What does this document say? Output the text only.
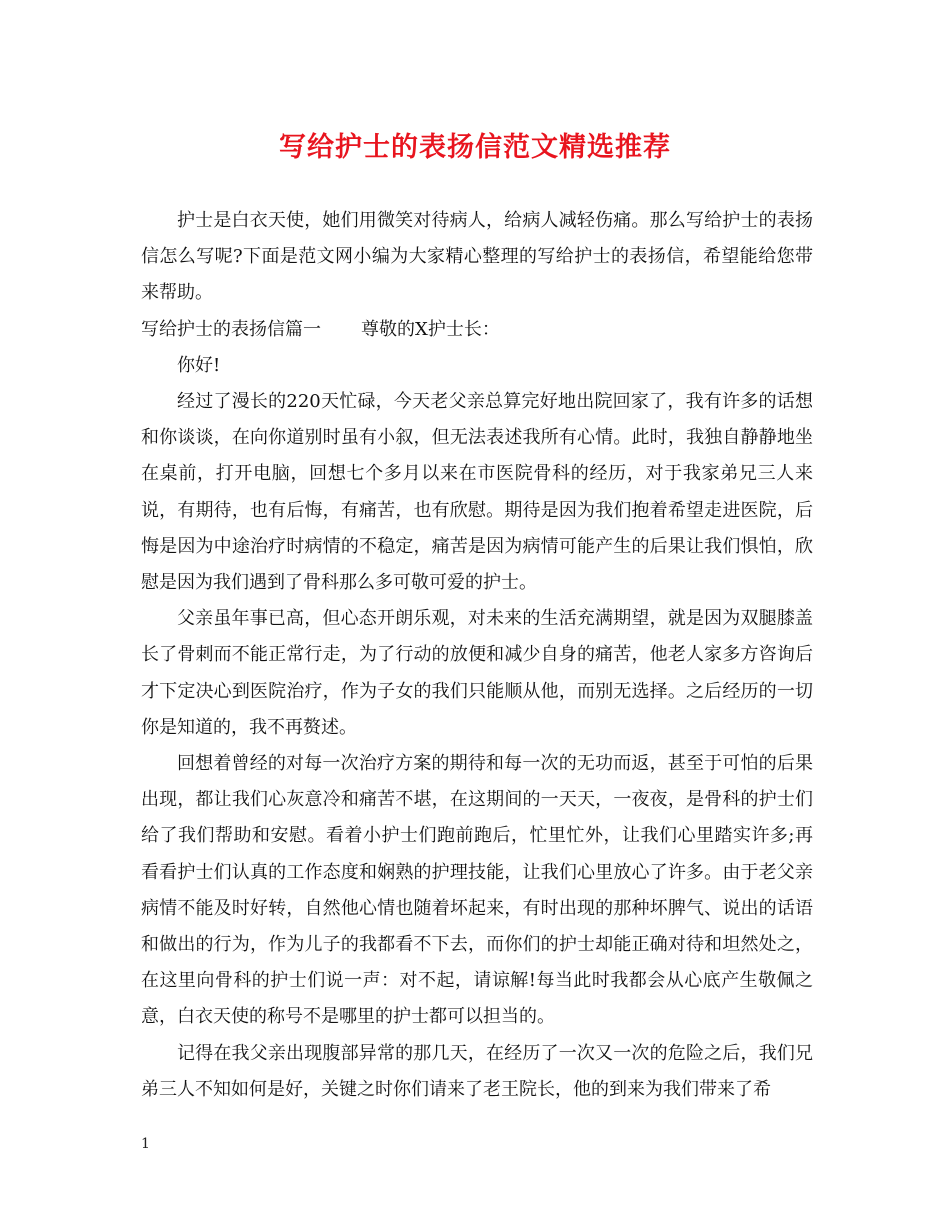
写给护士的表扬信范文精选推荐

护士是白衣天使，她们用微笑对待病人，给病人减轻伤痛。那么写给护士的表扬信怎么写呢?下面是范文网小编为大家精心整理的写给护士的表扬信，希望能给您带来帮助。

写给护士的表扬信篇一 尊敬的X护士长：

你好!

经过了漫长的220天忙碌，今天老父亲总算完好地出院回家了，我有许多的话想和你谈谈，在向你道别时虽有小叙，但无法表述我所有心情。此时，我独自静静地坐在桌前，打开电脑，回想七个多月以来在市医院骨科的经历，对于我家弟兄三人来说，有期待，也有后悔，有痛苦，也有欣慰。期待是因为我们抱着希望走进医院，后悔是因为中途治疗时病情的不稳定，痛苦是因为病情可能产生的后果让我们惧怕，欣慰是因为我们遇到了骨科那么多可敬可爱的护士。

父亲虽年事已高，但心态开朗乐观，对未来的生活充满期望，就是因为双腿膝盖长了骨刺而不能正常行走，为了行动的放便和减少自身的痛苦，他老人家多方咨询后才下定决心到医院治疗，作为子女的我们只能顺从他，而别无选择。之后经历的一切你是知道的，我不再赘述。

回想着曾经的对每一次治疗方案的期待和每一次的无功而返，甚至于可怕的后果出现，都让我们心灰意冷和痛苦不堪，在这期间的一天天，一夜夜，是骨科的护士们给了我们帮助和安慰。看着小护士们跑前跑后，忙里忙外，让我们心里踏实许多;再看看护士们认真的工作态度和娴熟的护理技能，让我们心里放心了许多。由于老父亲病情不能及时好转，自然他心情也随着坏起来，有时出现的那种坏脾气、说出的话语和做出的行为，作为儿子的我都看不下去，而你们的护士却能正确对待和坦然处之，在这里向骨科的护士们说一声：对不起，请谅解!每当此时我都会从心底产生敬佩之意，白衣天使的称号不是哪里的护士都可以担当的。

记得在我父亲出现腹部异常的那几天，在经历了一次又一次的危险之后，我们兄弟三人不知如何是好，关键之时你们请来了老王院长，他的到来为我们带来了希

1
